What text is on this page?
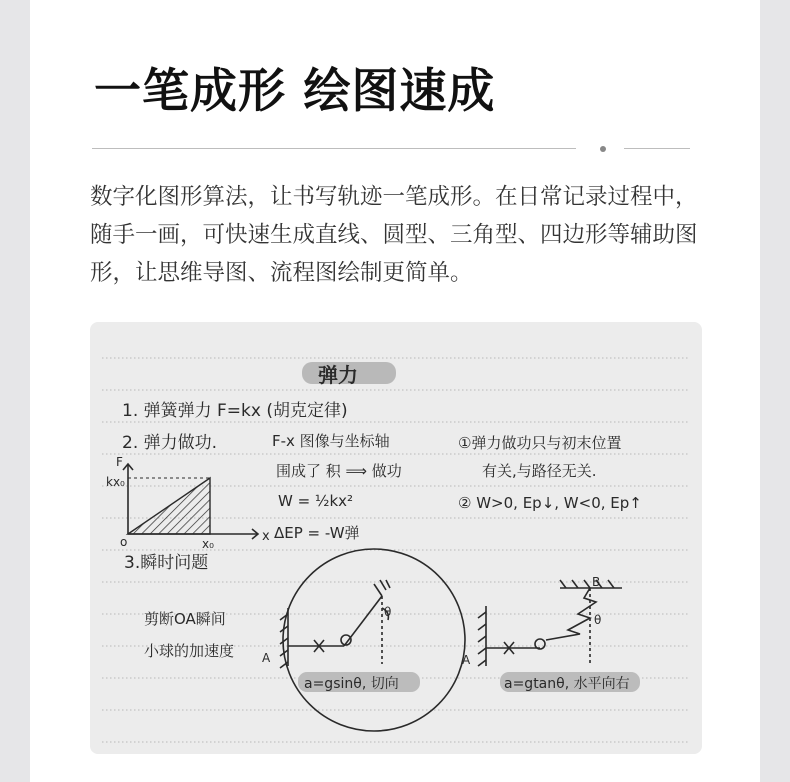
一笔成形 绘图速成

数字化图形算法，让书写轨迹一笔成形。在日常记录过程中，随手一画，可快速生成直线、圆型、三角型、四边形等辅助图形，让思维导图、流程图绘制更简单。

弹力
1. 弹簧弹力 F=kx (胡克定律)
2. 弹力做功.	F-x 图像与坐标轴
围成了 积 ⟹ 做功
W = ½kx²
ΔEP = -W弹
①弹力做功只与初末位置
有关,与路径无关.
② W>0, Ep↓, W<0, Ep↑
F
kx₀
x
x₀
o
3.瞬时问题
剪断OA瞬间
小球的加速度 A
θ
a=gsinθ, 切向
A
B
θ
a=gtanθ, 水平向右
